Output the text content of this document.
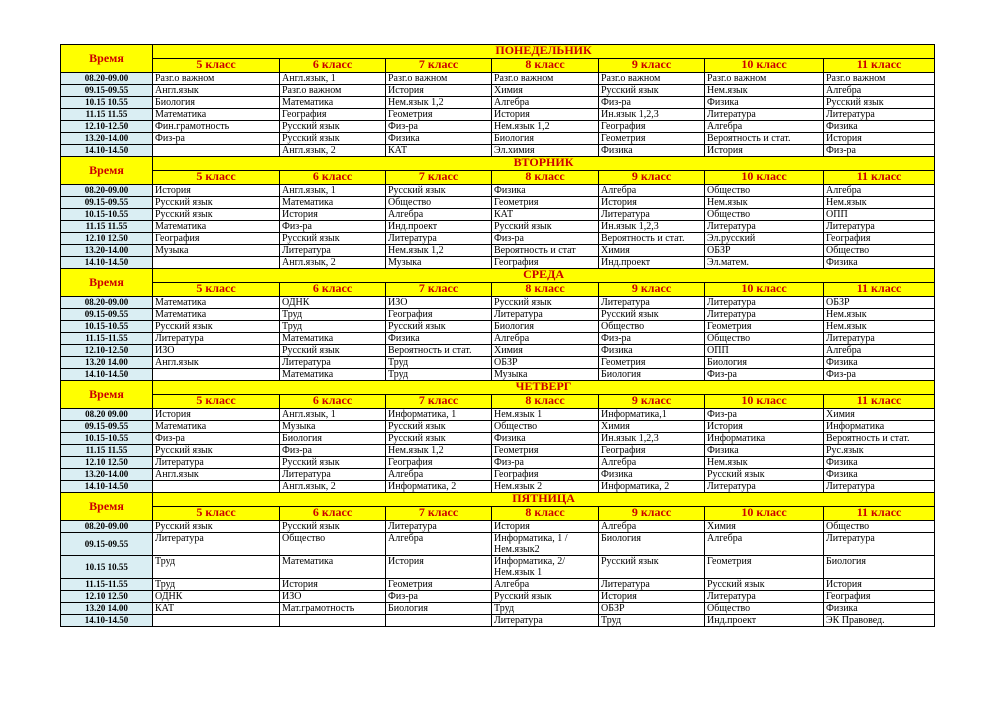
Время	ПОНЕДЕЛЬНИК						
	5 класс	6 класс	7 класс	8 класс	9 класс	10 класс	11 класс
08.20-09.00	Разг.о важном	Англ.язык, 1	Разг.о важном	Разг.о важном	Разг.о важном	Разг.о важном	Разг.о важном
09.15-09.55	Англ.язык	Разг.о важном	История	Химия	Русский язык	Нем.язык	Алгебра
10.15 10.55	Биология	Математика	Нем.язык 1,2	Алгебра	Физ-ра	Физика	Русский язык
11.15 11.55	Математика	География	Геометрия	История	Ин.язык 1,2,3	Литература	Литература
12.10-12.50	Фин.грамотность	Русский язык	Физ-ра	Нем.язык 1,2	География	Алгебра	Физика
13.20-14.00	Физ-ра	Русский язык	Физика	Биология	Геометрия	Вероятность и стат.	История
14.10-14.50		Англ.язык, 2	КАТ	Эл.химия	Физика	История	Физ-ра
Время	ВТОРНИК						
	5 класс	6 класс	7 класс	8 класс	9 класс	10 класс	11 класс
08.20-09.00	История	Англ.язык, 1	Русский язык	Физика	Алгебра	Общество	Алгебра
09.15-09.55	Русский язык	Математика	Общество	Геометрия	История	Нем.язык	Нем.язык
10.15-10.55	Русский язык	История	Алгебра	КАТ	Литература	Общество	ОПП
11.15 11.55	Математика	Физ-ра	Инд.проект	Русский язык	Ин.язык 1,2,3	Литература	Литература
12.10 12.50	География	Русский язык	Литература	Физ-ра	Вероятность и стат.	Эл.русский	География
13.20-14.00	Музыка	Литература	Нем.язык 1,2	Вероятность и стат	Химия	ОБЗР	Общество
14.10-14.50		Англ.язык, 2	Музыка	География	Инд.проект	Эл.матем.	Физика
Время	СРЕДА						
	5 класс	6 класс	7 класс	8 класс	9 класс	10 класс	11 класс
08.20-09.00	Математика	ОДНК	ИЗО	Русский язык	Литература	Литература	ОБЗР
09.15-09.55	Математика	Труд	География	Литература	Русский язык	Литература	Нем.язык
10.15-10.55	Русский язык	Труд	Русский язык	Биология	Общество	Геометрия	Нем.язык
11.15-11.55	Литература	Математика	Физика	Алгебра	Физ-ра	Общество	Литература
12.10-12.50	ИЗО	Русский язык	Вероятность и стат.	Химия	Физика	ОПП	Алгебра
13.20 14.00	Англ.язык	Литература	Труд	ОБЗР	Геометрия	Биология	Физика
14.10-14.50		Математика	Труд	Музыка	Биология	Физ-ра	Физ-ра
Время	ЧЕТВЕРГ						
	5 класс	6 класс	7 класс	8 класс	9 класс	10 класс	11 класс
08.20 09.00	История	Англ.язык, 1	Информатика, 1	Нем.язык 1	Информатика,1	Физ-ра	Химия
09.15-09.55	Математика	Музыка	Русский язык	Общество	Химия	История	Информатика
10.15-10.55	Физ-ра	Биология	Русский язык	Физика	Ин.язык 1,2,3	Информатика	Вероятность и стат.
11.15 11.55	Русский язык	Физ-ра	Нем.язык 1,2	Геометрия	География	Физика	Рус.язык
12.10 12.50	Литература	Русский язык	География	Физ-ра	Алгебра	Нем.язык	Физика
13.20-14.00	Англ.язык	Литература	Алгебра	География	Физика	Русский язык	Физика
14.10-14.50		Англ.язык, 2	Информатика, 2	Нем.язык 2	Информатика, 2	Литература	Литература
Время	ПЯТНИЦА						
	5 класс	6 класс	7 класс	8 класс	9 класс	10 класс	11 класс
08.20-09.00	Русский язык	Русский язык	Литература	История	Алгебра	Химия	Общество
09.15-09.55	Литература	Общество	Алгебра	Информатика, 1 / Нем.язык2	Биология	Алгебра	Литература
10.15 10.55	Труд	Математика	История	Информатика, 2/ Нем.язык 1	Русский язык	Геометрия	Биология
11.15-11.55	Труд	История	Геометрия	Алгебра	Литература	Русский язык	История
12.10 12.50	ОДНК	ИЗО	Физ-ра	Русский язык	История	Литература	География
13.20 14.00	КАТ	Мат.грамотность	Биология	Труд	ОБЗР	Общество	Физика
14.10-14.50				Литература	Труд	Инд.проект	ЭК Правовед.
